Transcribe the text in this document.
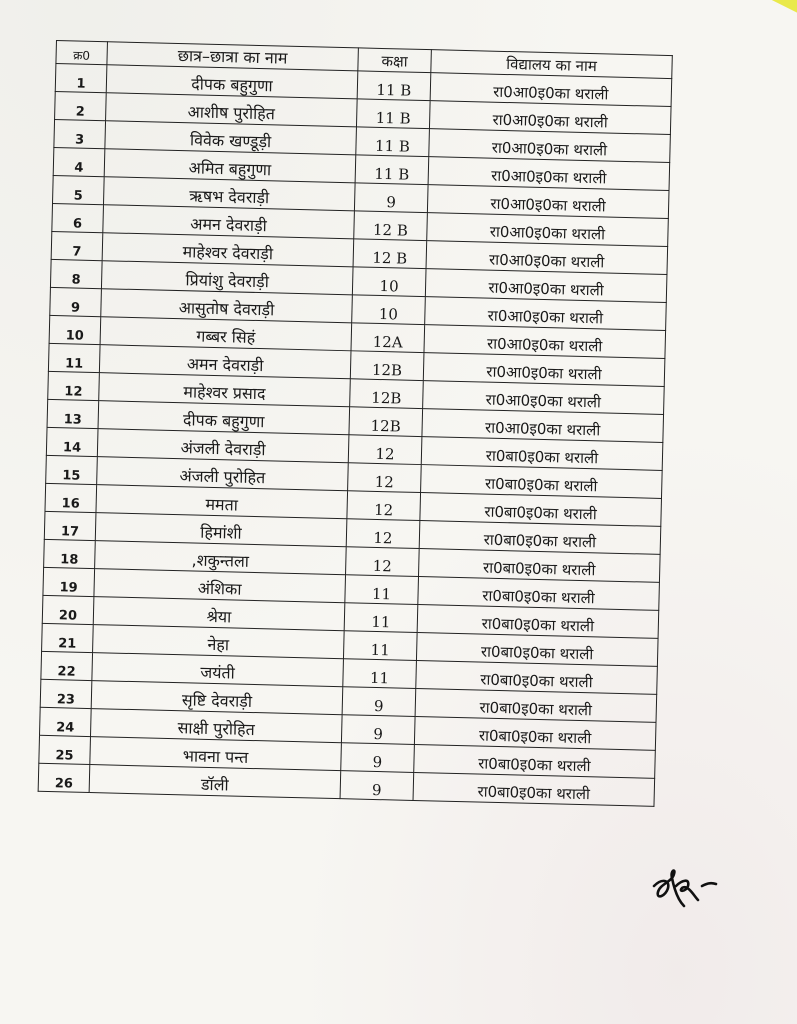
क्र0	छात्र–छात्रा का नाम	कक्षा	विद्यालय का नाम
1	दीपक बहुगुणा	11 B	रा0आ0इ0का थराली
2	आशीष पुरोहित	11 B	रा0आ0इ0का थराली
3	विवेक खण्डूड़ी	11 B	रा0आ0इ0का थराली
4	अमित बहुगुणा	11 B	रा0आ0इ0का थराली
5	ऋषभ देवराड़ी	9	रा0आ0इ0का थराली
6	अमन देवराड़ी	12 B	रा0आ0इ0का थराली
7	माहेश्वर देवराड़ी	12 B	रा0आ0इ0का थराली
8	प्रियांशु देवराड़ी	10	रा0आ0इ0का थराली
9	आसुतोष देवराड़ी	10	रा0आ0इ0का थराली
10	गब्बर सिहं	12A	रा0आ0इ0का थराली
11	अमन देवराड़ी	12B	रा0आ0इ0का थराली
12	माहेश्वर प्रसाद	12B	रा0आ0इ0का थराली
13	दीपक बहुगुणा	12B	रा0आ0इ0का थराली
14	अंजली देवराड़ी	12	रा0बा0इ0का थराली
15	अंजली पुरोहित	12	रा0बा0इ0का थराली
16	ममता	12	रा0बा0इ0का थराली
17	हिमांशी	12	रा0बा0इ0का थराली
18	,शकुन्तला	12	रा0बा0इ0का थराली
19	अंशिका	11	रा0बा0इ0का थराली
20	श्रेया	11	रा0बा0इ0का थराली
21	नेहा	11	रा0बा0इ0का थराली
22	जयंती	11	रा0बा0इ0का थराली
23	सृष्टि देवराड़ी	9	रा0बा0इ0का थराली
24	साक्षी पुरोहित	9	रा0बा0इ0का थराली
25	भावना पन्त	9	रा0बा0इ0का थराली
26	डॉली	9	रा0बा0इ0का थराली
